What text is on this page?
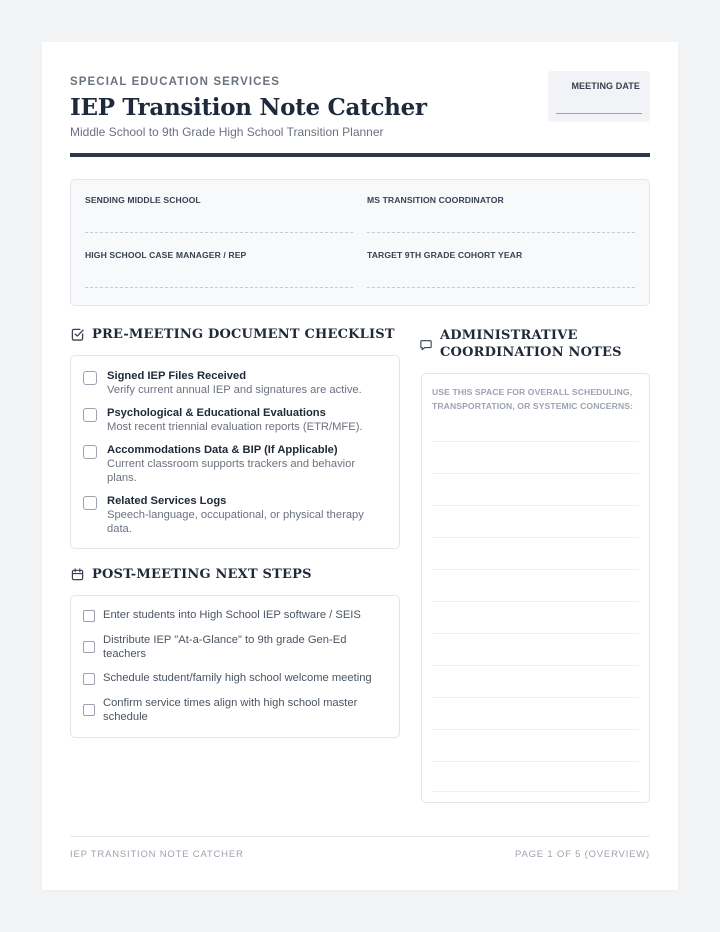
SPECIAL EDUCATION SERVICES
IEP Transition Note Catcher
Middle School to 9th Grade High School Transition Planner
MEETING DATE
SENDING MIDDLE SCHOOL	MS TRANSITION COORDINATOR
HIGH SCHOOL CASE MANAGER / REP	TARGET 9TH GRADE COHORT YEAR
PRE-MEETING DOCUMENT CHECKLIST
Signed IEP Files Received
Verify current annual IEP and signatures are active.
Psychological & Educational Evaluations
Most recent triennial evaluation reports (ETR/MFE).
Accommodations Data & BIP (If Applicable)
Current classroom supports trackers and behavior plans.
Related Services Logs
Speech-language, occupational, or physical therapy data.
POST-MEETING NEXT STEPS
Enter students into High School IEP software / SEIS
Distribute IEP "At-a-Glance" to 9th grade Gen-Ed teachers
Schedule student/family high school welcome meeting
Confirm service times align with high school master schedule
ADMINISTRATIVE
COORDINATION NOTES
USE THIS SPACE FOR OVERALL SCHEDULING, TRANSPORTATION, OR SYSTEMIC CONCERNS:
IEP TRANSITION NOTE CATCHER	PAGE 1 OF 5 (OVERVIEW)
